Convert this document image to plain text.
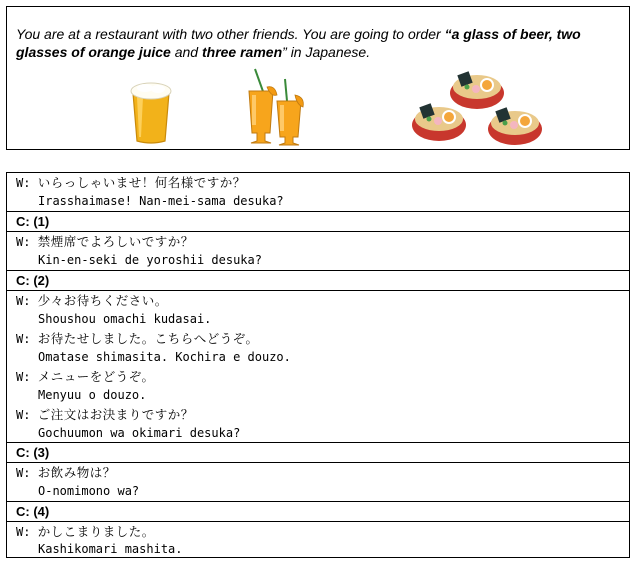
You are at a restaurant with two other friends. You are going to order “a glass of beer, two glasses of orange juice and three ramen” in Japanese.
W: いらっしゃいませ！何名様ですか？
Irasshaimase! Nan-mei-sama desuka?
C: (1)
W: 禁煙席でよろしいですか？
Kin-en-seki de yoroshii desuka?
C: (2)
W: 少々お待ちください。
Shoushou omachi kudasai.
W: お待たせしました。こちらへどうぞ。
Omatase shimasita. Kochira e douzo.
W: メニューをどうぞ。
Menyuu o douzo.
W: ご注文はお決まりですか？
Gochuumon wa okimari desuka?
C: (3)
W: お飲み物は？
O-nomimono wa?
C: (4)
W: かしこまりました。
Kashikomari mashita.
